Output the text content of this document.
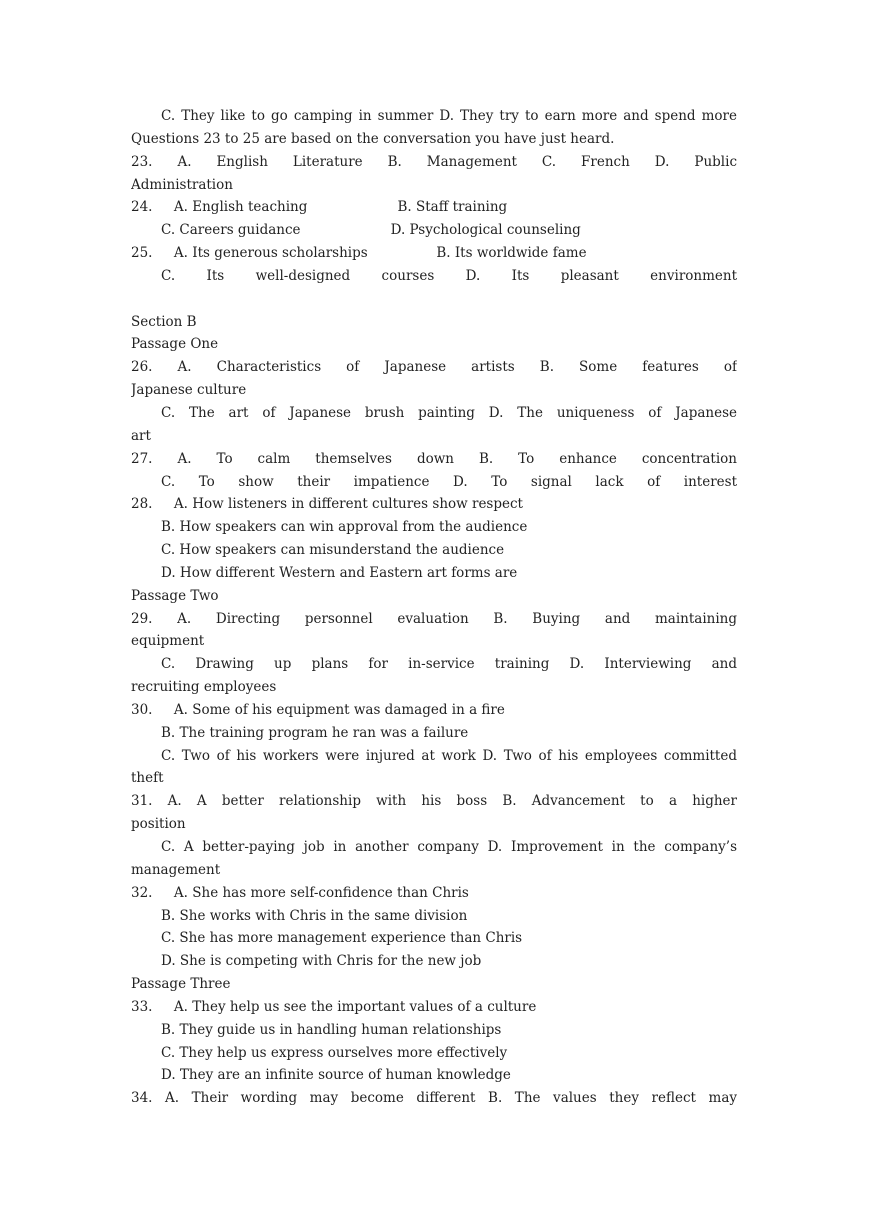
C. They like to go camping in summer D. They try to earn more and spend more
Questions 23 to 25 are based on the conversation you have just heard.
23. A. English Literature B. Management C. French D. Public
Administration
24.     A. English teaching                     B. Staff training
C. Careers guidance                     D. Psychological counseling
25.     A. Its generous scholarships                B. Its worldwide fame
C. Its well-designed courses D. Its pleasant environment
Section B
Passage One
26. A. Characteristics of Japanese artists B. Some features of
Japanese culture
C. The art of Japanese brush painting D. The uniqueness of Japanese
art
27. A. To calm themselves down B. To enhance concentration
C. To show their impatience D. To signal lack of interest
28.     A. How listeners in different cultures show respect
B. How speakers can win approval from the audience
C. How speakers can misunderstand the audience
D. How different Western and Eastern art forms are
Passage Two
29. A. Directing personnel evaluation B. Buying and maintaining
equipment
C. Drawing up plans for in-service training D. Interviewing and
recruiting employees
30.     A. Some of his equipment was damaged in a fire
B. The training program he ran was a failure
C. Two of his workers were injured at work D. Two of his employees committed
theft
31. A. A better relationship with his boss B. Advancement to a higher
position
C. A better-paying job in another company D. Improvement in the company’s
management
32.     A. She has more self-confidence than Chris
B. She works with Chris in the same division
C. She has more management experience than Chris
D. She is competing with Chris for the new job
Passage Three
33.     A. They help us see the important values of a culture
B. They guide us in handling human relationships
C. They help us express ourselves more effectively
D. They are an infinite source of human knowledge
34. A. Their wording may become different B. The values they reflect may
